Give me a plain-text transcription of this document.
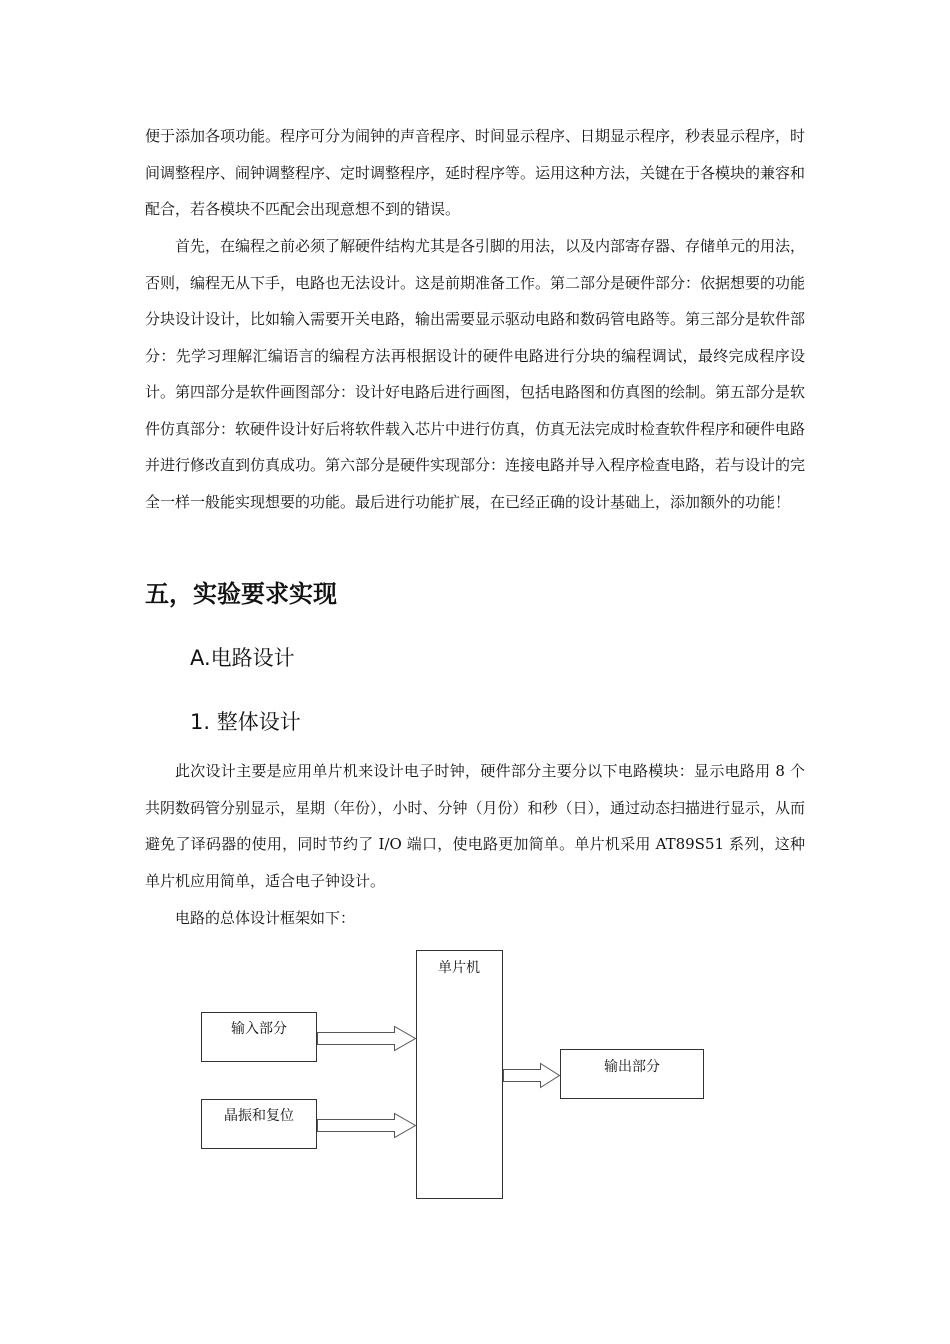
便于添加各项功能。程序可分为闹钟的声音程序、时间显示程序、日期显示程序，秒表显示程序，时间调整程序、闹钟调整程序、定时调整程序，延时程序等。运用这种方法，关键在于各模块的兼容和配合，若各模块不匹配会出现意想不到的错误。

首先，在编程之前必须了解硬件结构尤其是各引脚的用法，以及内部寄存器、存储单元的用法，否则，编程无从下手，电路也无法设计。这是前期准备工作。第二部分是硬件部分：依据想要的功能分块设计设计，比如输入需要开关电路，输出需要显示驱动电路和数码管电路等。第三部分是软件部分：先学习理解汇编语言的编程方法再根据设计的硬件电路进行分块的编程调试，最终完成程序设计。第四部分是软件画图部分：设计好电路后进行画图，包括电路图和仿真图的绘制。第五部分是软件仿真部分：软硬件设计好后将软件载入芯片中进行仿真，仿真无法完成时检查软件程序和硬件电路并进行修改直到仿真成功。第六部分是硬件实现部分：连接电路并导入程序检查电路，若与设计的完全一样一般能实现想要的功能。最后进行功能扩展，在已经正确的设计基础上，添加额外的功能！

五，实验要求实现
A.电路设计
1. 整体设计

此次设计主要是应用单片机来设计电子时钟，硬件部分主要分以下电路模块：显示电路用 8 个共阴数码管分别显示，星期（年份），小时、分钟（月份）和秒（日），通过动态扫描进行显示，从而避免了译码器的使用，同时节约了 I/O 端口，使电路更加简单。单片机采用 AT89S51 系列，这种单片机应用简单，适合电子钟设计。

电路的总体设计框架如下：

单片机
输入部分
晶振和复位
输出部分
